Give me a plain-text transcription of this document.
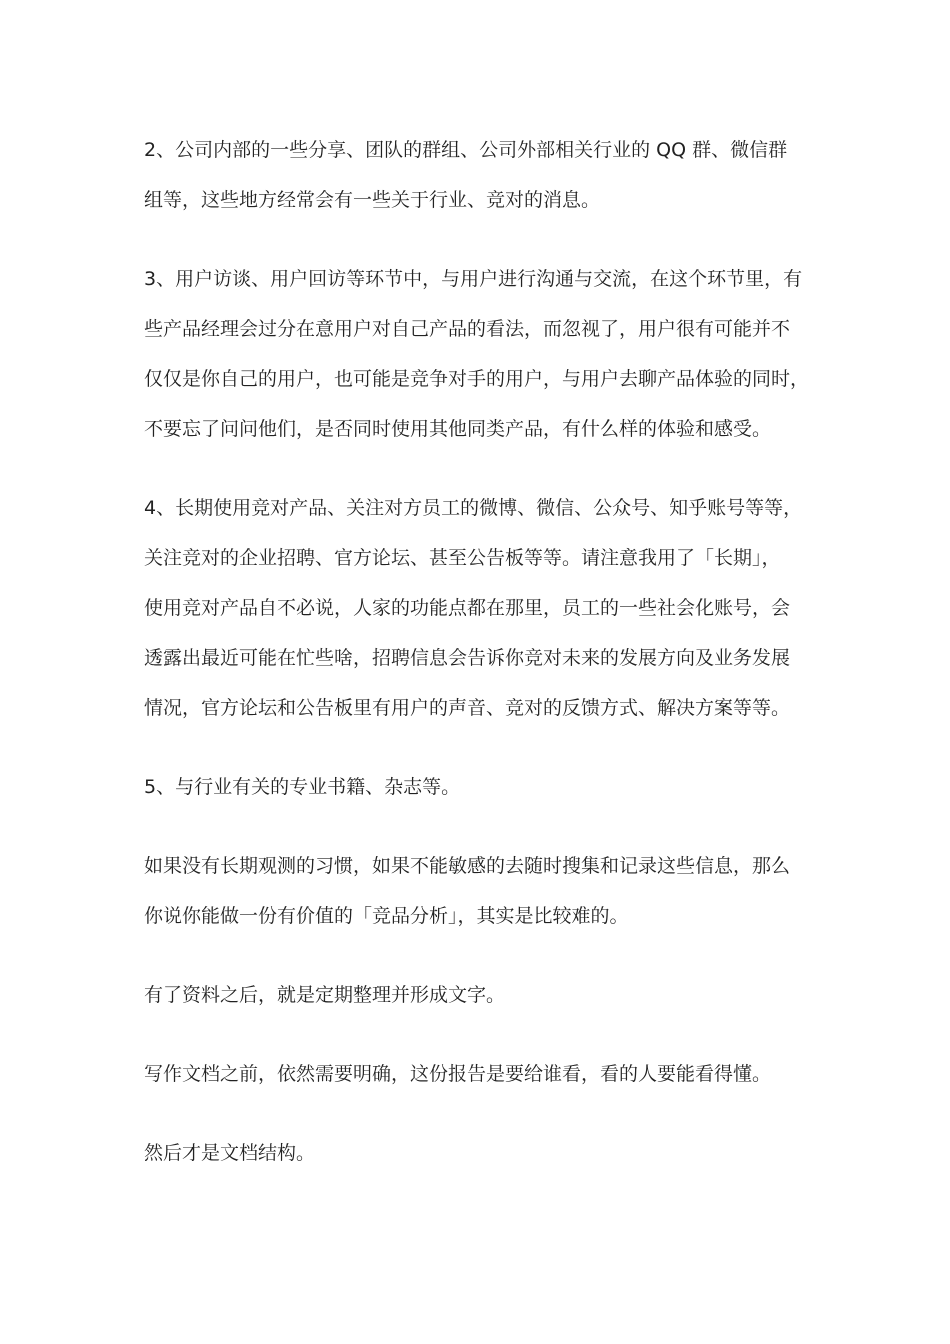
2、公司内部的一些分享、团队的群组、公司外部相关行业的 QQ 群、微信群
组等，这些地方经常会有一些关于行业、竞对的消息。

3、用户访谈、用户回访等环节中，与用户进行沟通与交流，在这个环节里，有
些产品经理会过分在意用户对自己产品的看法，而忽视了，用户很有可能并不
仅仅是你自己的用户，也可能是竞争对手的用户，与用户去聊产品体验的同时，
不要忘了问问他们，是否同时使用其他同类产品，有什么样的体验和感受。

4、长期使用竞对产品、关注对方员工的微博、微信、公众号、知乎账号等等，
关注竞对的企业招聘、官方论坛、甚至公告板等等。请注意我用了「长期」，
使用竞对产品自不必说，人家的功能点都在那里，员工的一些社会化账号，会
透露出最近可能在忙些啥，招聘信息会告诉你竞对未来的发展方向及业务发展
情况，官方论坛和公告板里有用户的声音、竞对的反馈方式、解决方案等等。

5、与行业有关的专业书籍、杂志等。

如果没有长期观测的习惯，如果不能敏感的去随时搜集和记录这些信息，那么
你说你能做一份有价值的「竞品分析」，其实是比较难的。

有了资料之后，就是定期整理并形成文字。

写作文档之前，依然需要明确，这份报告是要给谁看，看的人要能看得懂。

然后才是文档结构。
